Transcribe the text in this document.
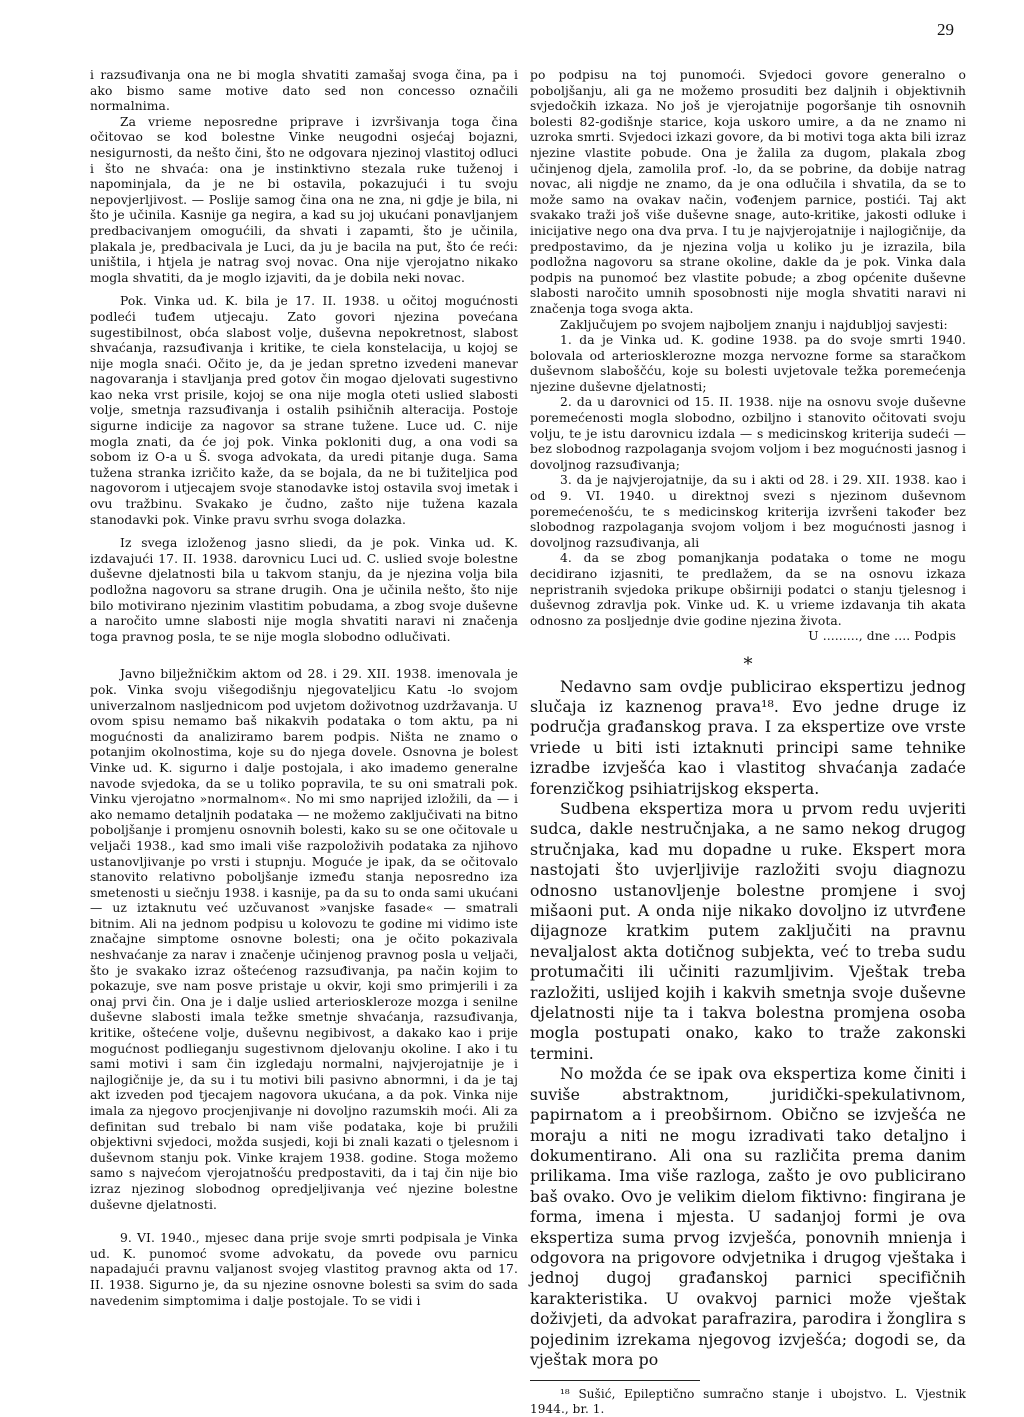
29

i razsuđivanja ona ne bi mogla shvatiti zamašaj svoga čina, pa i ako bismo same motive dato sed non concesso označili normalnima.

Za vrieme neposredne priprave i izvršivanja toga čina očitovao se kod bolestne Vinke neugodni osjećaj bojazni, nesigurnosti, da nešto čini, što ne odgovara njezinoj vlastitoj odluci i što ne shvaća: ona je instinktivno stezala ruke tuženoj i napominjala, da je ne bi ostavila, pokazujući i tu svoju nepovjerljivost. — Poslije samog čina ona ne zna, ni gdje je bila, ni što je učinila. Kasnije ga negira, a kad su joj ukućani ponavljanjem predbacivanjem omogućili, da shvati i zapamti, što je učinila, plakala je, predbacivala je Luci, da ju je bacila na put, što će reći: uništila, i htjela je natrag svoj novac. Ona nije vjerojatno nikako mogla shvatiti, da je moglo izjaviti, da je dobila neki novac.

Pok. Vinka ud. K. bila je 17. II. 1938. u očitoj mogućnosti podleći tuđem utjecaju. Zato govori njezina povećana sugestibilnost, obća slabost volje, duševna nepokretnost, slabost shvaćanja, razsuđivanja i kritike, te ciela konstelacija, u kojoj se nije mogla snaći. Očito je, da je jedan spretno izvedeni manevar nagovaranja i stavljanja pred gotov čin mogao djelovati sugestivno kao neka vrst prisile, kojoj se ona nije mogla oteti uslied slabosti volje, smetnja razsuđivanja i ostalih psihičnih alteracija. Postoje sigurne indicije za nagovor sa strane tužene. Luce ud. C. nije mogla znati, da će joj pok. Vinka pokloniti dug, a ona vodi sa sobom iz O-a u Š. svoga advokata, da uredi pitanje duga. Sama tužena stranka izričito kaže, da se bojala, da ne bi tužiteljica pod nagovorom i utjecajem svoje stanodavke istoj ostavila svoj imetak i ovu tražbinu. Svakako je čudno, zašto nije tužena kazala stanodavki pok. Vinke pravu svrhu svoga dolazka.

Iz svega izloženog jasno sliedi, da je pok. Vinka ud. K. izdavajući 17. II. 1938. darovnicu Luci ud. C. uslied svoje bolestne duševne djelatnosti bila u takvom stanju, da je njezina volja bila podložna nagovoru sa strane drugih. Ona je učinila nešto, što nije bilo motivirano njezinim vlastitim pobudama, a zbog svoje duševne a naročito umne slabosti nije mogla shvatiti naravi ni značenja toga pravnog posla, te se nije mogla slobodno odlučivati.

Javno bilježničkim aktom od 28. i 29. XII. 1938. imenovala je pok. Vinka svoju višegodišnju njegovateljicu Katu -lo svojom univerzalnom nasljednicom pod uvjetom doživotnog uzdržavanja. U ovom spisu nemamo baš nikakvih podataka o tom aktu, pa ni mogućnosti da analiziramo barem podpis. Ništa ne znamo o potanjim okolnostima, koje su do njega dovele. Osnovna je bolest Vinke ud. K. sigurno i dalje postojala, i ako imademo generalne navode svjedoka, da se u toliko popravila, te su oni smatrali pok. Vinku vjerojatno »normalnom«. No mi smo naprijed izložili, da — i ako nemamo detaljnih podataka — ne možemo zaključivati na bitno poboljšanje i promjenu osnovnih bolesti, kako su se one očitovale u veljači 1938., kad smo imali više razpoloživih podataka za njihovo ustanovljivanje po vrsti i stupnju. Moguće je ipak, da se očitovalo stanovito relativno poboljšanje između stanja neposredno iza smetenosti u siečnju 1938. i kasnije, pa da su to onda sami ukućani — uz iztaknutu već uzčuvanost »vanjske fasade« — smatrali bitnim. Ali na jednom podpisu u kolovozu te godine mi vidimo iste značajne simptome osnovne bolesti; ona je očito pokazivala neshvaćanje za narav i značenje učinjenog pravnog posla u veljači, što je svakako izraz oštećenog razsuđivanja, pa način kojim to pokazuje, sve nam posve pristaje u okvir, koji smo primjerili i za onaj prvi čin. Ona je i dalje uslied arterioskleroze mozga i senilne duševne slabosti imala težke smetnje shvaćanja, razsuđivanja, kritike, oštećene volje, duševnu negibivost, a dakako kao i prije mogućnost podlieganju sugestivnom djelovanju okoline. I ako i tu sami motivi i sam čin izgledaju normalni, najvjerojatnije je i najlogičnije je, da su i tu motivi bili pasivno abnormni, i da je taj akt izveden pod tjecajem nagovora ukućana, a da pok. Vinka nije imala za njegovo procjenjivanje ni dovoljno razumskih moći. Ali za definitan sud trebalo bi nam više podataka, koje bi pružili objektivni svjedoci, možda susjedi, koji bi znali kazati o tjelesnom i duševnom stanju pok. Vinke krajem 1938. godine. Stoga možemo samo s najvećom vjerojatnošću predpostaviti, da i taj čin nije bio izraz njezinog slobodnog opredjeljivanja već njezine bolestne duševne djelatnosti.

9. VI. 1940., mjesec dana prije svoje smrti podpisala je Vinka ud. K. punomoć svome advokatu, da povede ovu parnicu napadajući pravnu valjanost svojeg vlastitog pravnog akta od 17. II. 1938. Sigurno je, da su njezine osnovne bolesti sa svim do sada navedenim simptomima i dalje postojale. To se vidi i

po podpisu na toj punomoći. Svjedoci govore generalno o poboljšanju, ali ga ne možemo prosuditi bez daljnih i objektivnih svjedočkih izkaza. No još je vjerojatnije pogoršanje tih osnovnih bolesti 82-godišnje starice, koja uskoro umire, a da ne znamo ni uzroka smrti. Svjedoci izkazi govore, da bi motivi toga akta bili izraz njezine vlastite pobude. Ona je žalila za dugom, plakala zbog učinjenog djela, zamolila prof. -lo, da se pobrine, da dobije natrag novac, ali nigdje ne znamo, da je ona odlučila i shvatila, da se to može samo na ovakav način, vođenjem parnice, postići. Taj akt svakako traži još više duševne snage, auto-kritike, jakosti odluke i inicijative nego ona dva prva. I tu je najvjerojatnije i najlogičnije, da predpostavimo, da je njezina volja u koliko ju je izrazila, bila podložna nagovoru sa strane okoline, dakle da je pok. Vinka dala podpis na punomoć bez vlastite pobude; a zbog općenite duševne slabosti naročito umnih sposobnosti nije mogla shvatiti naravi ni značenja toga svoga akta.

Zaključujem po svojem najboljem znanju i najdubljoj savjesti:

1. da je Vinka ud. K. godine 1938. pa do svoje smrti 1940. bolovala od arteriosklerozne mozga nervozne forme sa staračkom duševnom slaboščću, koje su bolesti uvjetovale težka poremećenja njezine duševne djelatnosti;

2. da u darovnici od 15. II. 1938. nije na osnovu svoje duševne poremećenosti mogla slobodno, ozbiljno i stanovito očitovati svoju volju, te je istu darovnicu izdala — s medicinskog kriterija sudeći — bez slobodnog razpolaganja svojom voljom i bez mogućnosti jasnog i dovoljnog razsuđivanja;

3. da je najvjerojatnije, da su i akti od 28. i 29. XII. 1938. kao i od 9. VI. 1940. u direktnoj svezi s njezinom duševnom poremećenošću, te s medicinskog kriterija izvršeni također bez slobodnog razpolaganja svojom voljom i bez mogućnosti jasnog i dovoljnog razsuđivanja, ali

4. da se zbog pomanjkanja podataka o tome ne mogu decidirano izjasniti, te predlažem, da se na osnovu izkaza nepristranih svjedoka prikupe obširniji podatci o stanju tjelesnog i duševnog zdravlja pok. Vinke ud. K. u vrieme izdavanja tih akata odnosno za posljednje dvie godine njezina života.

U ........., dne .... Podpis

*

Nedavno sam ovdje publicirao ekspertizu jednog slučaja iz kaznenog prava¹⁸. Evo jedne druge iz područja građanskog prava. I za ekspertize ove vrste vriede u biti isti iztaknuti principi same tehnike izradbe izvješća kao i vlastitog shvaćanja zadaće forenzičkog psihiatrijskog eksperta.

Sudbena ekspertiza mora u prvom redu uvjeriti sudca, dakle nestručnjaka, a ne samo nekog drugog stručnjaka, kad mu dopadne u ruke. Ekspert mora nastojati što uvjerljivije razložiti svoju diagnozu odnosno ustanovljenje bolestne promjene i svoj mišaoni put. A onda nije nikako dovoljno iz utvrđene dijagnoze kratkim putem zaključiti na pravnu nevaljalost akta dotičnog subjekta, već to treba sudu protumačiti ili učiniti razumljivim. Vještak treba razložiti, uslijed kojih i kakvih smetnja svoje duševne djelatnosti nije ta i takva bolestna promjena osoba mogla postupati onako, kako to traže zakonski termini.

No možda će se ipak ova ekspertiza kome činiti i suviše abstraktnom, juridički-spekulativnom, papirnatom a i preobširnom. Obično se izvješća ne moraju a niti ne mogu izradivati tako detaljno i dokumentirano. Ali ona su različita prema danim prilikama. Ima više razloga, zašto je ovo publicirano baš ovako. Ovo je velikim dielom fiktivno: fingirana je forma, imena i mjesta. U sadanjoj formi je ova ekspertiza suma prvog izvješća, ponovnih mnienja i odgovora na prigovore odvjetnika i drugog vještaka i jednoj dugoj građanskoj parnici specifičnih karakteristika. U ovakvoj parnici može vještak doživjeti, da advokat parafrazira, parodira i žonglira s pojedinim izrekama njegovog izvješća; dogodi se, da vještak mora po

¹⁸ Sušić, Epileptično sumračno stanje i ubojstvo. L. Vjestnik 1944., br. 1.
